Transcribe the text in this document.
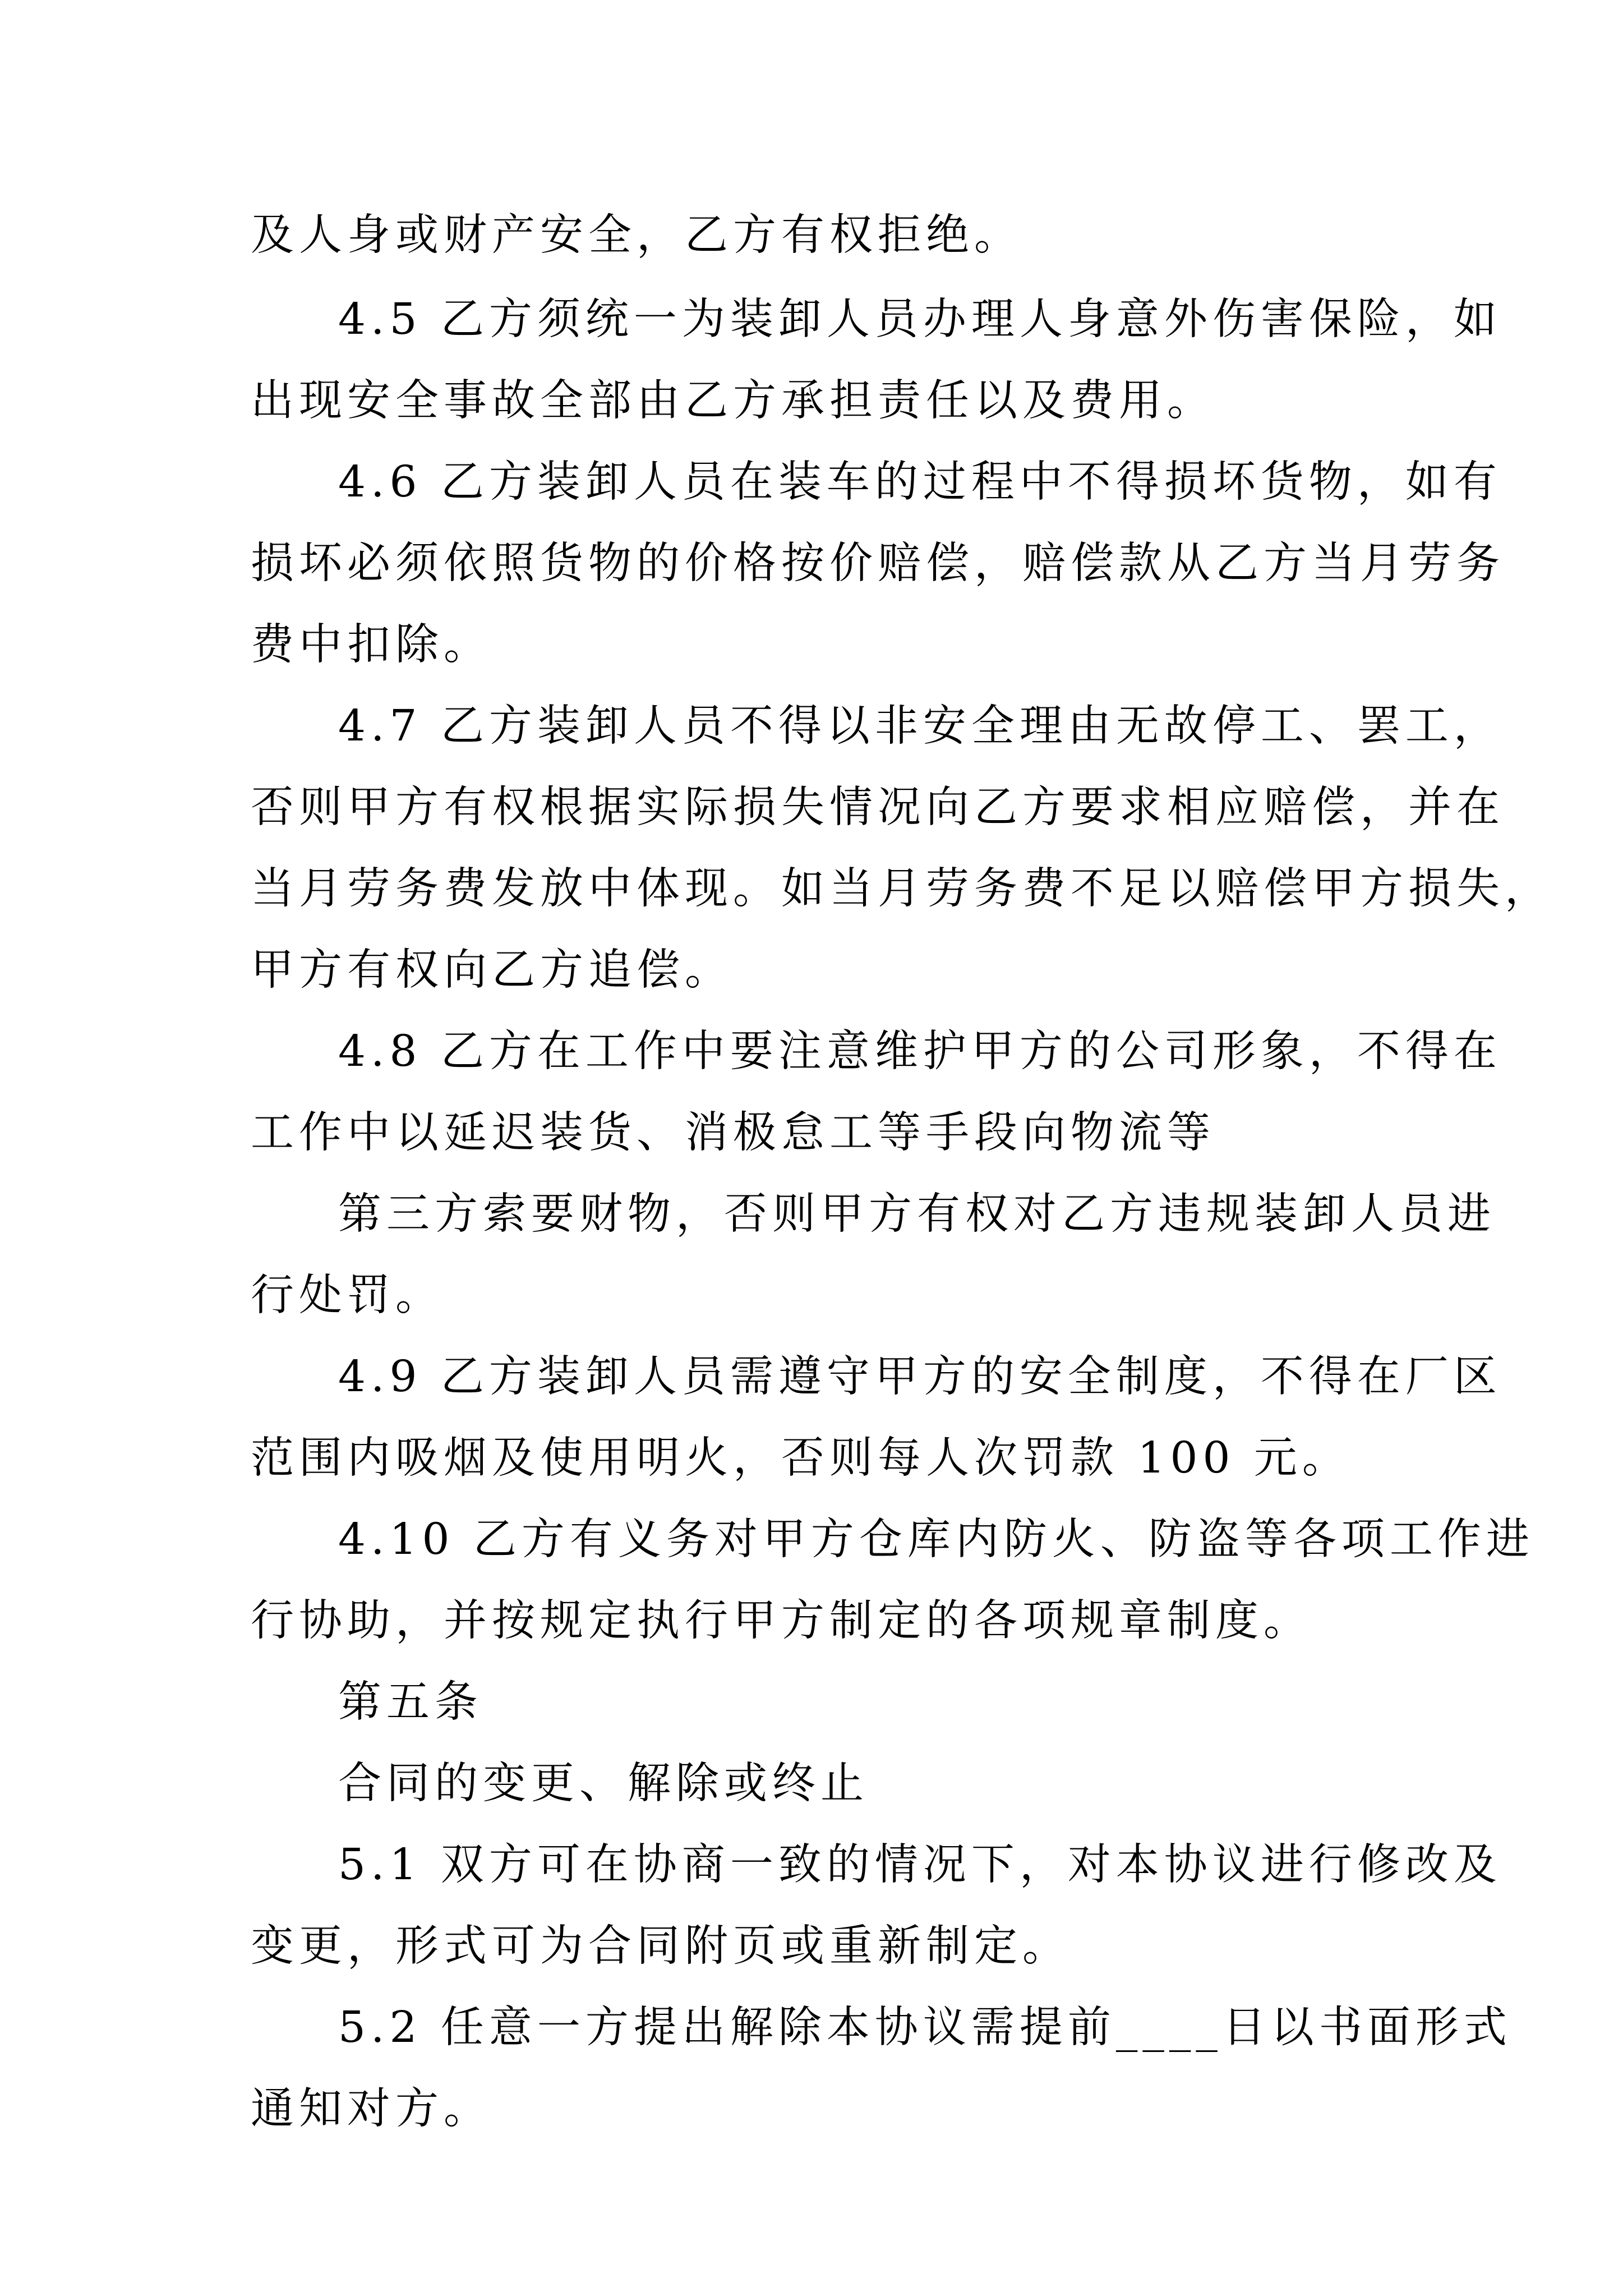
及人身或财产安全，乙方有权拒绝。
4.5 乙方须统一为装卸人员办理人身意外伤害保险，如
出现安全事故全部由乙方承担责任以及费用。
4.6 乙方装卸人员在装车的过程中不得损坏货物，如有
损坏必须依照货物的价格按价赔偿，赔偿款从乙方当月劳务
费中扣除。
4.7 乙方装卸人员不得以非安全理由无故停工、罢工，
否则甲方有权根据实际损失情况向乙方要求相应赔偿，并在
当月劳务费发放中体现。如当月劳务费不足以赔偿甲方损失，
甲方有权向乙方追偿。
4.8 乙方在工作中要注意维护甲方的公司形象，不得在
工作中以延迟装货、消极怠工等手段向物流等
第三方索要财物，否则甲方有权对乙方违规装卸人员进
行处罚。
4.9 乙方装卸人员需遵守甲方的安全制度，不得在厂区
范围内吸烟及使用明火，否则每人次罚款 100 元。
4.10 乙方有义务对甲方仓库内防火、防盗等各项工作进
行协助，并按规定执行甲方制定的各项规章制度。
第五条
合同的变更、解除或终止
5.1 双方可在协商一致的情况下，对本协议进行修改及
变更，形式可为合同附页或重新制定。
5.2 任意一方提出解除本协议需提前____日以书面形式
通知对方。
